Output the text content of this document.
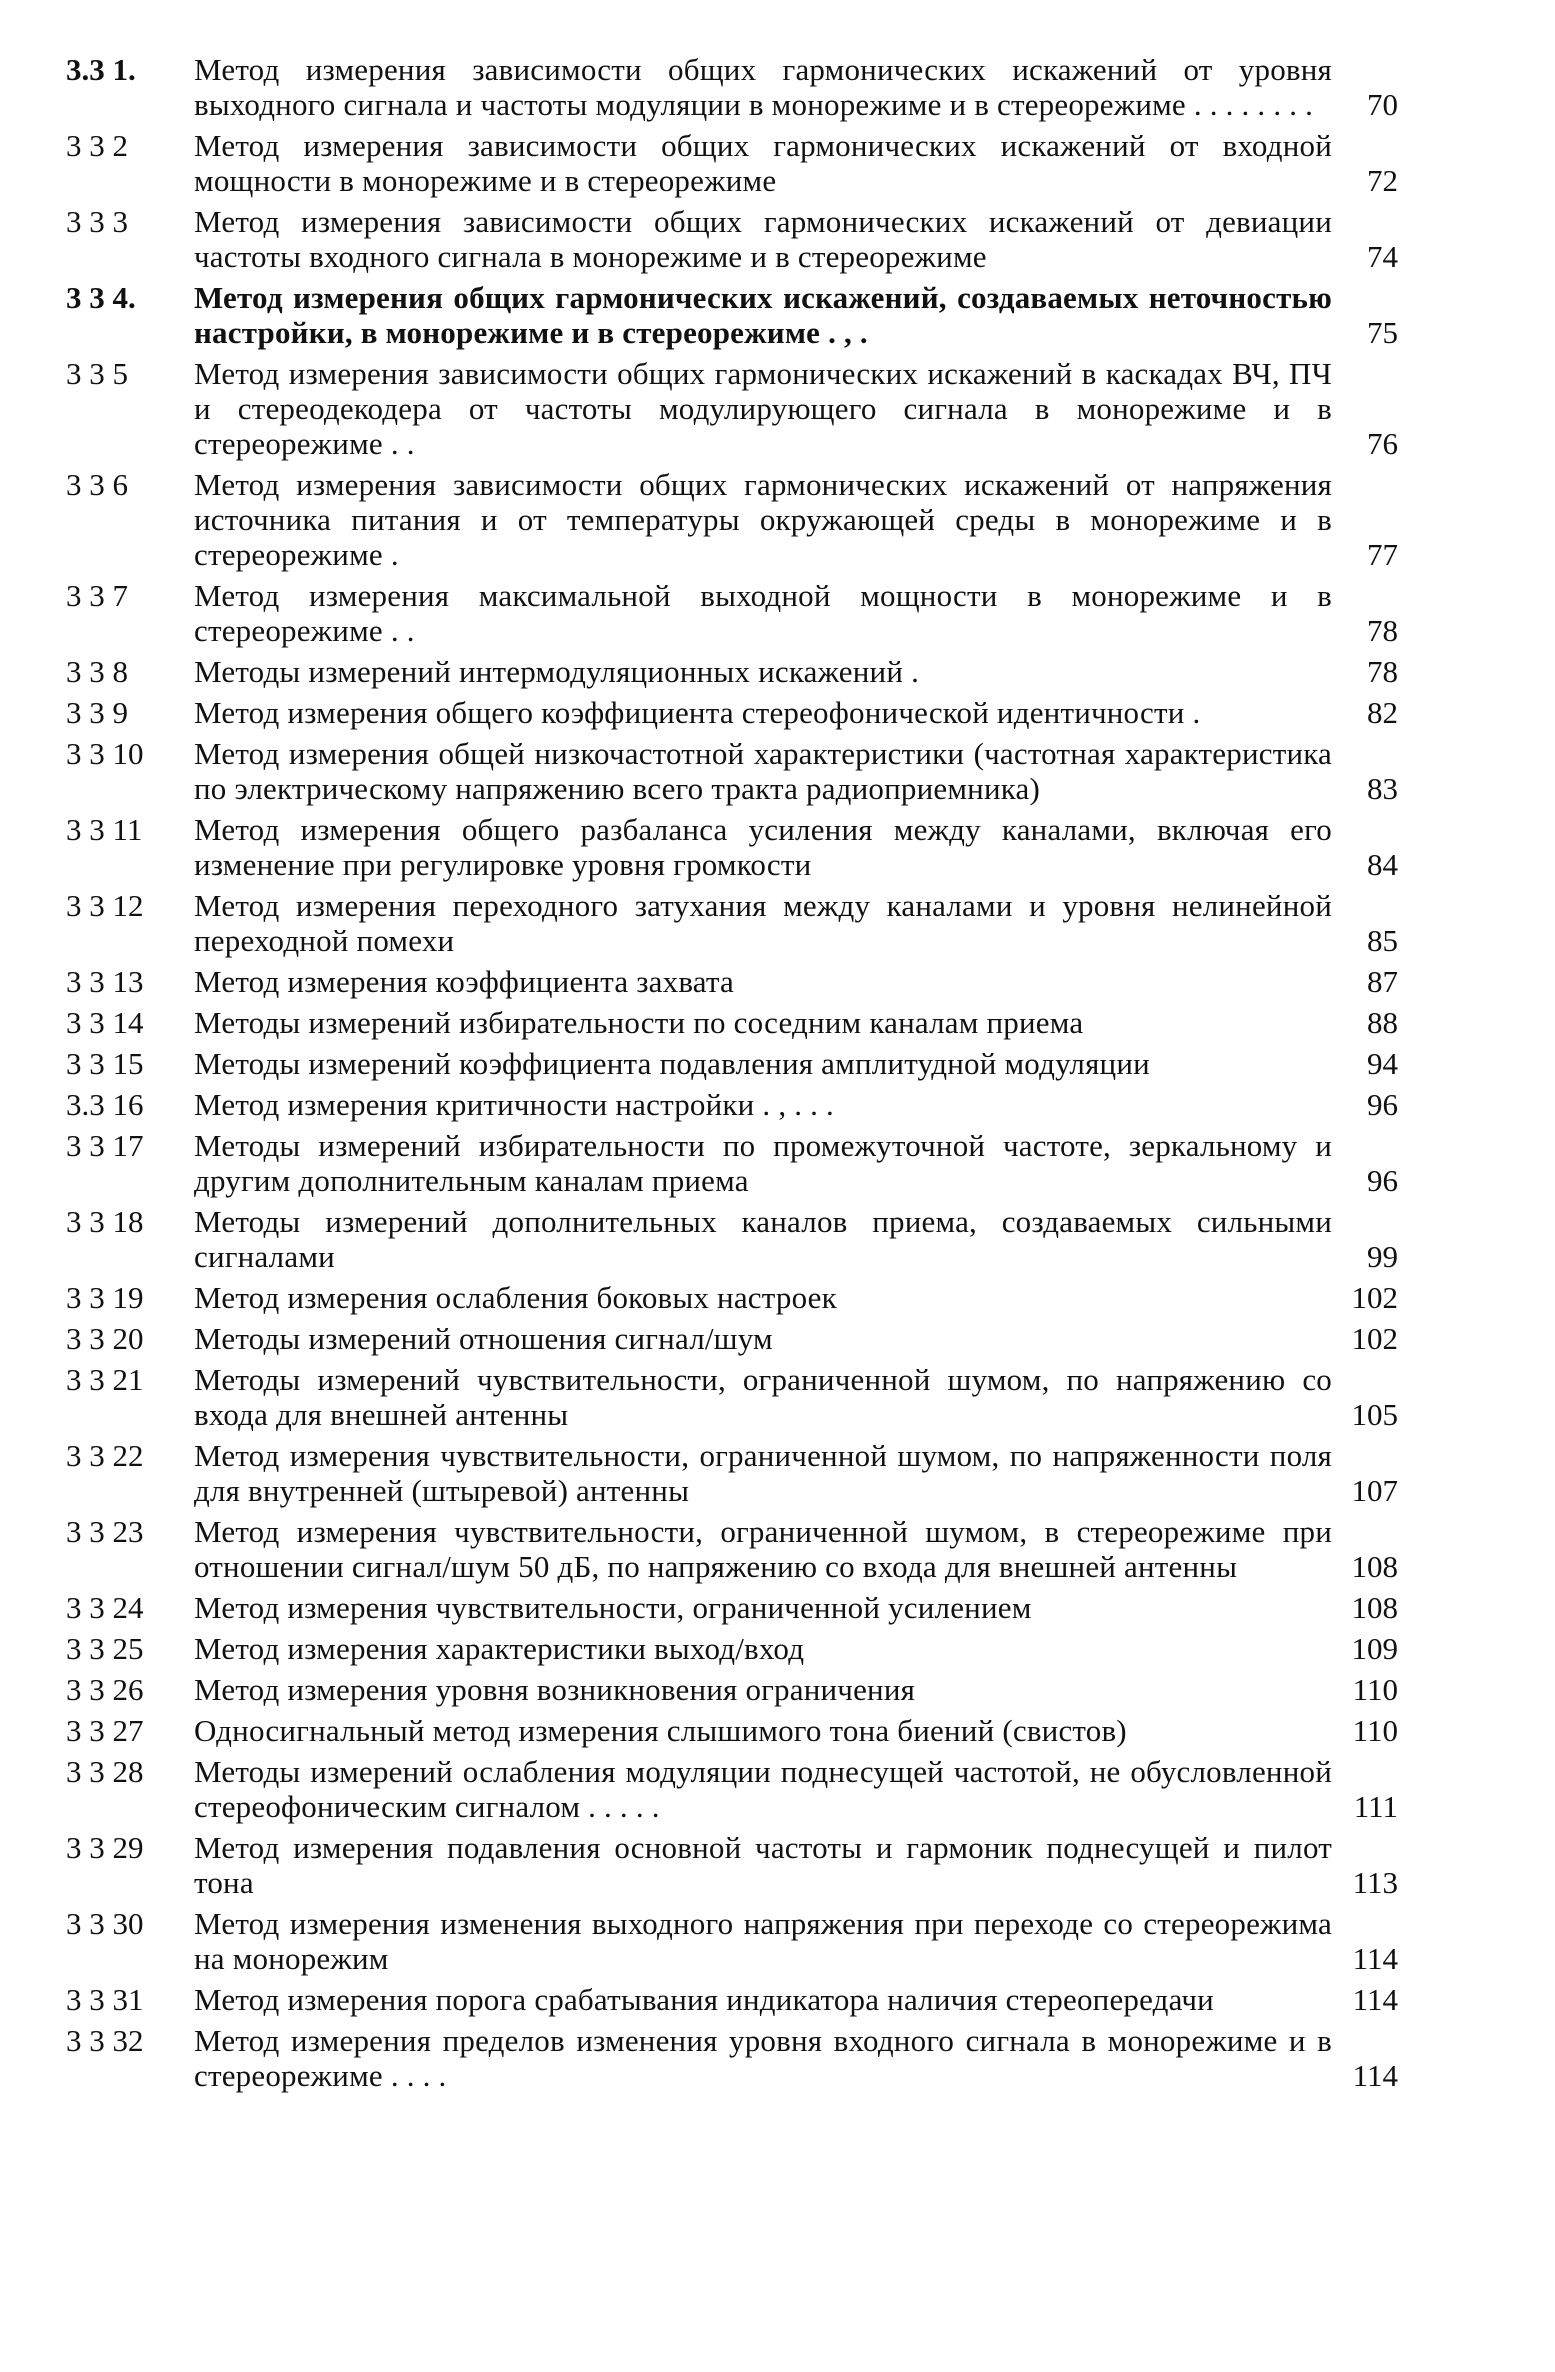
3.3 1.	Метод измерения зависимости общих гармонических искажений от уровня выходного сигнала и частоты модуляции в монорежиме и в стереорежиме . . . . . . . .	70
3 3 2	Метод измерения зависимости общих гармонических искажений от входной мощности в монорежиме и в стереорежиме	72
3 3 3	Метод измерения зависимости общих гармонических искажений от девиации частоты входного сигнала в монорежиме и в стереорежиме	74
3 3 4.	Метод измерения общих гармонических искажений, создаваемых неточностью настройки, в монорежиме и в стереорежиме . , .	75
3 3 5	Метод измерения зависимости общих гармонических искажений в каскадах ВЧ, ПЧ и стереодекодера от частоты модулирующего сигнала в монорежиме и в стереорежиме . .	76
3 3 6	Метод измерения зависимости общих гармонических искажений от напряжения источника питания и от температуры окружающей среды в монорежиме и в стереорежиме .	77
3 3 7	Метод измерения максимальной выходной мощности в монорежиме и в стереорежиме . .	78
3 3 8	Методы измерений интермодуляционных искажений .	78
3 3 9	Метод измерения общего коэффициента стереофонической идентичности .	82
3 3 10	Метод измерения общей низкочастотной характеристики (частотная характеристика по электрическому напряжению всего тракта радиоприемника)	83
3 3 11	Метод измерения общего разбаланса усиления между каналами, включая его изменение при регулировке уровня громкости	84
3 3 12	Метод измерения переходного затухания между каналами и уровня нелинейной переходной помехи	85
3 3 13	Метод измерения коэффициента захвата	87
3 3 14	Методы измерений избирательности по соседним каналам приема	88
3 3 15	Методы измерений коэффициента подавления амплитудной модуляции	94
3.3 16	Метод измерения критичности настройки . , . . .	96
3 3 17	Методы измерений избирательности по промежуточной частоте, зеркальному и другим дополнительным каналам приема	96
3 3 18	Методы измерений дополнительных каналов приема, создаваемых сильными сигналами	99
3 3 19	Метод измерения ослабления боковых настроек	102
3 3 20	Методы измерений отношения сигнал/шум	102
3 3 21	Методы измерений чувствительности, ограниченной шумом, по напряжению со входа для внешней антенны	105
3 3 22	Метод измерения чувствительности, ограниченной шумом, по напряженности поля для внутренней (штыревой) антенны	107
3 3 23	Метод измерения чувствительности, ограниченной шумом, в стереорежиме при отношении сигнал/шум 50 дБ, по напряжению со входа для внешней антенны	108
3 3 24	Метод измерения чувствительности, ограниченной усилением	108
3 3 25	Метод измерения характеристики выход/вход	109
3 3 26	Метод измерения уровня возникновения ограничения	110
3 3 27	Односигнальный метод измерения слышимого тона биений (свистов)	110
3 3 28	Методы измерений ослабления модуляции поднесущей частотой, не обусловленной стереофоническим сигналом . . . . .	111
3 3 29	Метод измерения подавления основной частоты и гармоник поднесущей и пилот тона	113
3 3 30	Метод измерения изменения выходного напряжения при переходе со стереорежима на монорежим	114
3 3 31	Метод измерения порога срабатывания индикатора наличия стереопередачи	114
3 3 32	Метод измерения пределов изменения уровня входного сигнала в монорежиме и в стереорежиме . . . .	114
